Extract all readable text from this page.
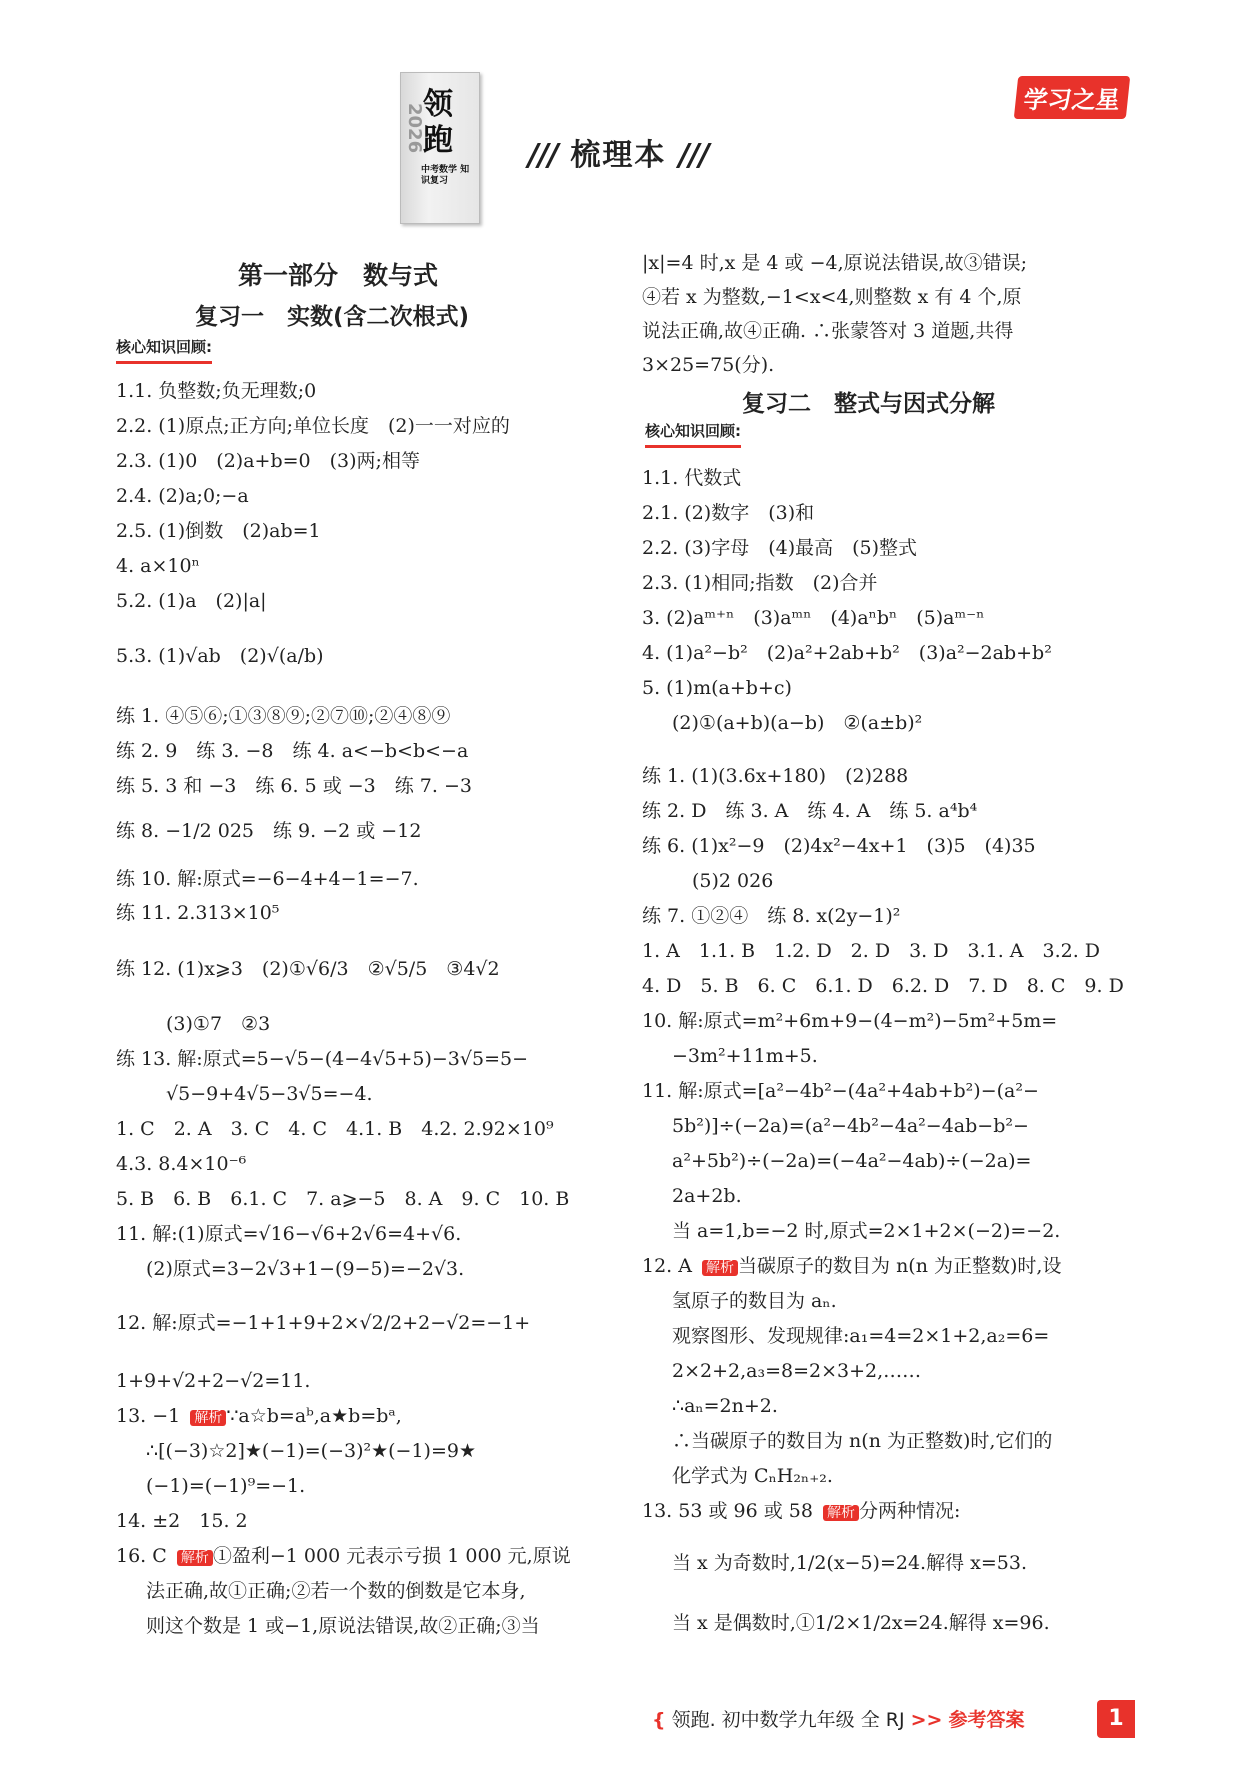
2026
领
跑
中考数学 知识复习
/// 梳理本 ///
学习之星
第一部分　数与式
复习一　实数(含二次根式)
核心知识回顾:
1.1. 负整数;负无理数;0
2.2. (1)原点;正方向;单位长度　(2)一一对应的
2.3. (1)0　(2)a+b=0　(3)两;相等
2.4. (2)a;0;−a
2.5. (1)倒数　(2)ab=1
4. a×10ⁿ
5.2. (1)a　(2)|a|
5.3. (1)√ab　(2)√(a/b)
练 1. ④⑤⑥;①③⑧⑨;②⑦⑩;②④⑧⑨
练 2. 9　练 3. −8　练 4. a<−b<b<−a
练 5. 3 和 −3　练 6. 5 或 −3　练 7. −3
练 8. −1/2 025　练 9. −2 或 −12
练 10. 解:原式=−6−4+4−1=−7.
练 11. 2.313×10⁵
练 12. (1)x⩾3　(2)①√6/3　②√5/5　③4√2
(3)①7　②3
练 13. 解:原式=5−√5−(4−4√5+5)−3√5=5−
√5−9+4√5−3√5=−4.
1. C　2. A　3. C　4. C　4.1. B　4.2. 2.92×10⁹
4.3. 8.4×10⁻⁶
5. B　6. B　6.1. C　7. a⩾−5　8. A　9. C　10. B
11. 解:(1)原式=√16−√6+2√6=4+√6.
(2)原式=3−2√3+1−(9−5)=−2√3.
12. 解:原式=−1+1+9+2×√2/2+2−√2=−1+
1+9+√2+2−√2=11.
13. −1 解析 ∵a☆b=aᵇ,a★b=bᵃ,
∴[(−3)☆2]★(−1)=(−3)²★(−1)=9★
(−1)=(−1)⁹=−1.
14. ±2　15. 2
16. C 解析 ①盈利−1 000 元表示亏损 1 000 元,原说
法正确,故①正确;②若一个数的倒数是它本身,
则这个数是 1 或−1,原说法错误,故②正确;③当
|x|=4 时,x 是 4 或 −4,原说法错误,故③错误;
④若 x 为整数,−1<x<4,则整数 x 有 4 个,原
说法正确,故④正确. ∴张蒙答对 3 道题,共得
3×25=75(分).
复习二　整式与因式分解
核心知识回顾:
1.1. 代数式
2.1. (2)数字　(3)和
2.2. (3)字母　(4)最高　(5)整式
2.3. (1)相同;指数　(2)合并
3. (2)aᵐ⁺ⁿ　(3)aᵐⁿ　(4)aⁿbⁿ　(5)aᵐ⁻ⁿ
4. (1)a²−b²　(2)a²+2ab+b²　(3)a²−2ab+b²
5. (1)m(a+b+c)
(2)①(a+b)(a−b)　②(a±b)²
练 1. (1)(3.6x+180)　(2)288
练 2. D　练 3. A　练 4. A　练 5. a⁴b⁴
练 6. (1)x²−9　(2)4x²−4x+1　(3)5　(4)35
(5)2 026
练 7. ①②④　练 8. x(2y−1)²
1. A　1.1. B　1.2. D　2. D　3. D　3.1. A　3.2. D
4. D　5. B　6. C　6.1. D　6.2. D　7. D　8. C　9. D
10. 解:原式=m²+6m+9−(4−m²)−5m²+5m=
−3m²+11m+5.
11. 解:原式=[a²−4b²−(4a²+4ab+b²)−(a²−
5b²)]÷(−2a)=(a²−4b²−4a²−4ab−b²−
a²+5b²)÷(−2a)=(−4a²−4ab)÷(−2a)=
2a+2b.
当 a=1,b=−2 时,原式=2×1+2×(−2)=−2.
12. A 解析 当碳原子的数目为 n(n 为正整数)时,设
氢原子的数目为 aₙ.
观察图形、发现规律:a₁=4=2×1+2,a₂=6=
2×2+2,a₃=8=2×3+2,……
∴aₙ=2n+2.
∴当碳原子的数目为 n(n 为正整数)时,它们的
化学式为 CₙH₂ₙ₊₂.
13. 53 或 96 或 58 解析 分两种情况:
当 x 为奇数时,1/2(x−5)=24.解得 x=53.
当 x 是偶数时,①1/2×1/2x=24.解得 x=96.
{ 领跑. 初中数学九年级 全 RJ >> 参考答案	1
